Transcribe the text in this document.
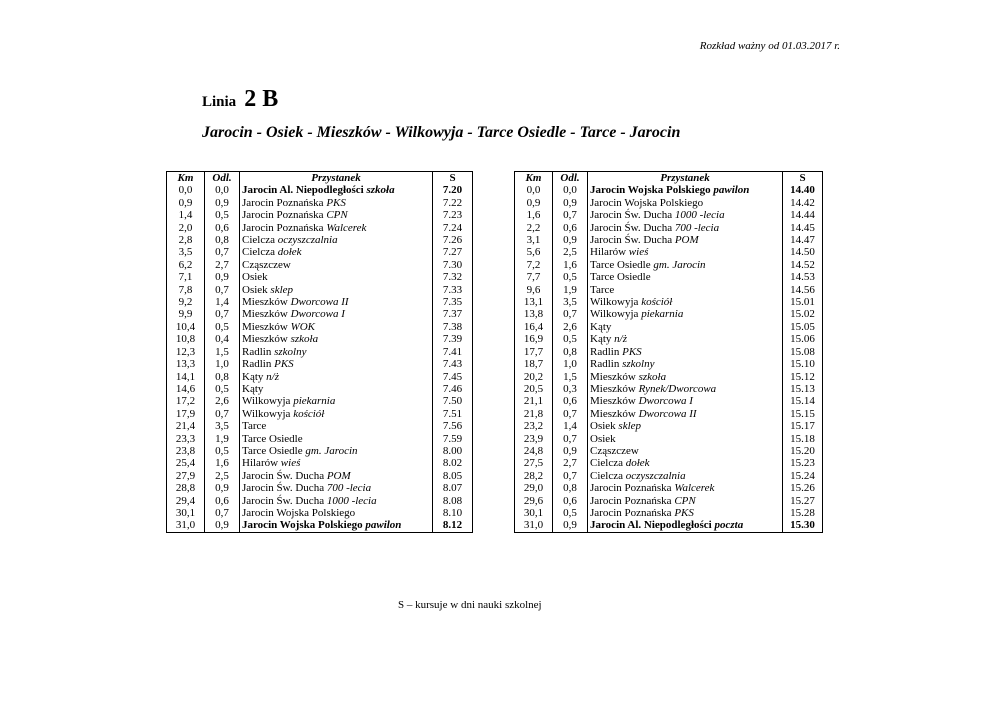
Rozkład ważny od 01.03.2017 r.
Linia 2 B
Jarocin - Osiek - Mieszków - Wilkowyja - Tarce Osiedle - Tarce - Jarocin
Km	Odl.	Przystanek	S
0,0	0,0	Jarocin Al. Niepodległości szkoła	7.20
0,9	0,9	Jarocin Poznańska PKS	7.22
1,4	0,5	Jarocin Poznańska CPN	7.23
2,0	0,6	Jarocin Poznańska Walcerek	7.24
2,8	0,8	Cielcza oczyszczalnia	7.26
3,5	0,7	Cielcza dołek	7.27
6,2	2,7	Cząszczew	7.30
7,1	0,9	Osiek	7.32
7,8	0,7	Osiek sklep	7.33
9,2	1,4	Mieszków Dworcowa II	7.35
9,9	0,7	Mieszków Dworcowa I	7.37
10,4	0,5	Mieszków WOK	7.38
10,8	0,4	Mieszków szkoła	7.39
12,3	1,5	Radlin szkolny	7.41
13,3	1,0	Radlin PKS	7.43
14,1	0,8	Kąty n/ż	7.45
14,6	0,5	Kąty	7.46
17,2	2,6	Wilkowyja piekarnia	7.50
17,9	0,7	Wilkowyja kościół	7.51
21,4	3,5	Tarce	7.56
23,3	1,9	Tarce Osiedle	7.59
23,8	0,5	Tarce Osiedle gm. Jarocin	8.00
25,4	1,6	Hilarów wieś	8.02
27,9	2,5	Jarocin Św. Ducha POM	8.05
28,8	0,9	Jarocin Św. Ducha 700 -lecia	8.07
29,4	0,6	Jarocin Św. Ducha 1000 -lecia	8.08
30,1	0,7	Jarocin Wojska Polskiego	8.10
31,0	0,9	Jarocin Wojska Polskiego pawilon	8.12
Km	Odl.	Przystanek	S
0,0	0,0	Jarocin Wojska Polskiego pawilon	14.40
0,9	0,9	Jarocin Wojska Polskiego	14.42
1,6	0,7	Jarocin Św. Ducha 1000 -lecia	14.44
2,2	0,6	Jarocin Św. Ducha 700 -lecia	14.45
3,1	0,9	Jarocin Św. Ducha POM	14.47
5,6	2,5	Hilarów wieś	14.50
7,2	1,6	Tarce Osiedle gm. Jarocin	14.52
7,7	0,5	Tarce Osiedle	14.53
9,6	1,9	Tarce	14.56
13,1	3,5	Wilkowyja kościół	15.01
13,8	0,7	Wilkowyja piekarnia	15.02
16,4	2,6	Kąty	15.05
16,9	0,5	Kąty n/ż	15.06
17,7	0,8	Radlin PKS	15.08
18,7	1,0	Radlin szkolny	15.10
20,2	1,5	Mieszków szkoła	15.12
20,5	0,3	Mieszków Rynek/Dworcowa	15.13
21,1	0,6	Mieszków Dworcowa I	15.14
21,8	0,7	Mieszków Dworcowa II	15.15
23,2	1,4	Osiek sklep	15.17
23,9	0,7	Osiek	15.18
24,8	0,9	Cząszczew	15.20
27,5	2,7	Cielcza dołek	15.23
28,2	0,7	Cielcza oczyszczalnia	15.24
29,0	0,8	Jarocin Poznańska Walcerek	15.26
29,6	0,6	Jarocin Poznańska CPN	15.27
30,1	0,5	Jarocin Poznańska PKS	15.28
31,0	0,9	Jarocin Al. Niepodległości poczta	15.30
S – kursuje w dni nauki szkolnej
